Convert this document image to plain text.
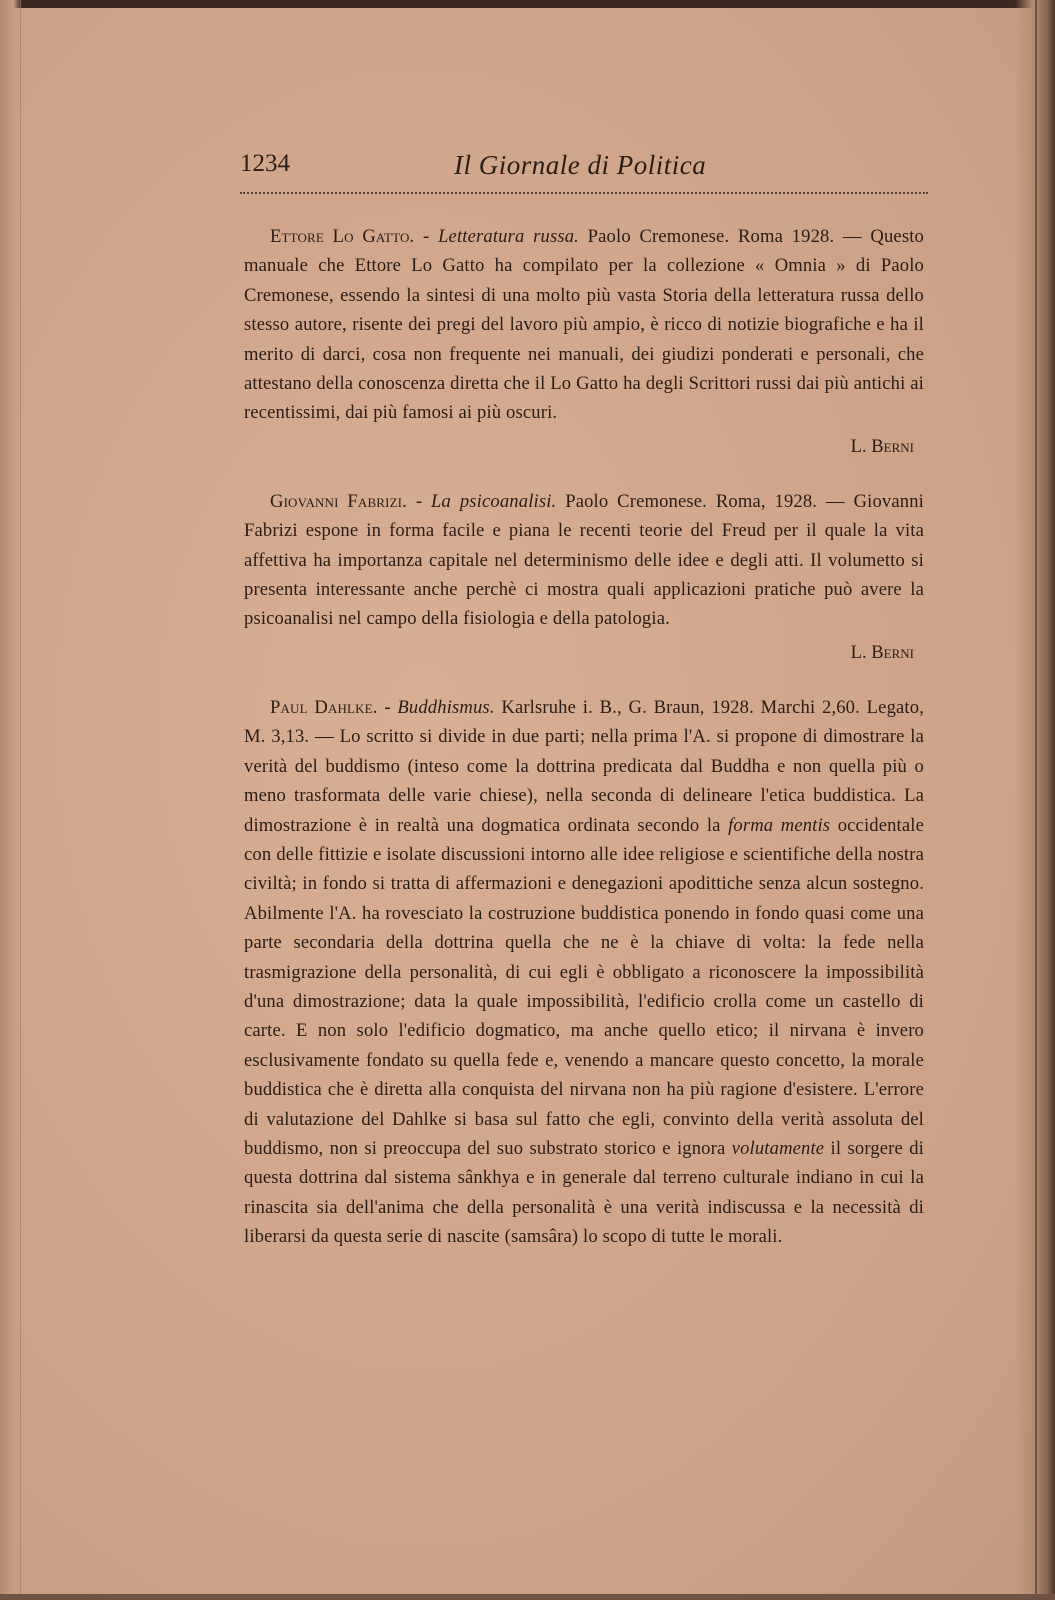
1234	Il Giornale di Politica

Ettore Lo Gatto. - Letteratura russa. Paolo Cremonese. Roma 1928. — Questo manuale che Ettore Lo Gatto ha compilato per la collezione « Omnia » di Paolo Cremonese, essendo la sintesi di una molto più vasta Storia della letteratura russa dello stesso autore, risente dei pregi del lavoro più ampio, è ricco di notizie biografiche e ha il merito di darci, cosa non frequente nei manuali, dei giudizi ponderati e personali, che attestano della conoscenza diretta che il Lo Gatto ha degli Scrittori russi dai più antichi ai recentissimi, dai più famosi ai più oscuri.

L. Berni

Giovanni Fabrizi. - La psicoanalisi. Paolo Cremonese. Roma, 1928. — Giovanni Fabrizi espone in forma facile e piana le recenti teorie del Freud per il quale la vita affettiva ha importanza capitale nel determinismo delle idee e degli atti. Il volumetto si presenta interessante anche perchè ci mostra quali applicazioni pratiche può avere la psicoanalisi nel campo della fisiologia e della patologia.

L. Berni

Paul Dahlke. - Buddhismus. Karlsruhe i. B., G. Braun, 1928. Marchi 2,60. Legato, M. 3,13. — Lo scritto si divide in due parti; nella prima l'A. si propone di dimostrare la verità del buddismo (inteso come la dottrina predicata dal Buddha e non quella più o meno trasformata delle varie chiese), nella seconda di delineare l'etica buddistica. La dimostrazione è in realtà una dogmatica ordinata secondo la forma mentis occidentale con delle fittizie e isolate discussioni intorno alle idee religiose e scientifiche della nostra civiltà; in fondo si tratta di affermazioni e denegazioni apodittiche senza alcun sostegno. Abilmente l'A. ha rovesciato la costruzione buddistica ponendo in fondo quasi come una parte secondaria della dottrina quella che ne è la chiave di volta: la fede nella trasmigrazione della personalità, di cui egli è obbligato a riconoscere la impossibilità d'una dimostrazione; data la quale impossibilità, l'edificio crolla come un castello di carte. E non solo l'edificio dogmatico, ma anche quello etico; il nirvana è invero esclusivamente fondato su quella fede e, venendo a mancare questo concetto, la morale buddistica che è diretta alla conquista del nirvana non ha più ragione d'esistere. L'errore di valutazione del Dahlke si basa sul fatto che egli, convinto della verità assoluta del buddismo, non si preoccupa del suo substrato storico e ignora volutamente il sorgere di questa dottrina dal sistema sânkhya e in generale dal terreno culturale indiano in cui la rinascita sia dell'anima che della personalità è una verità indiscussa e la necessità di liberarsi da questa serie di nascite (samsâra) lo scopo di tutte le morali.
